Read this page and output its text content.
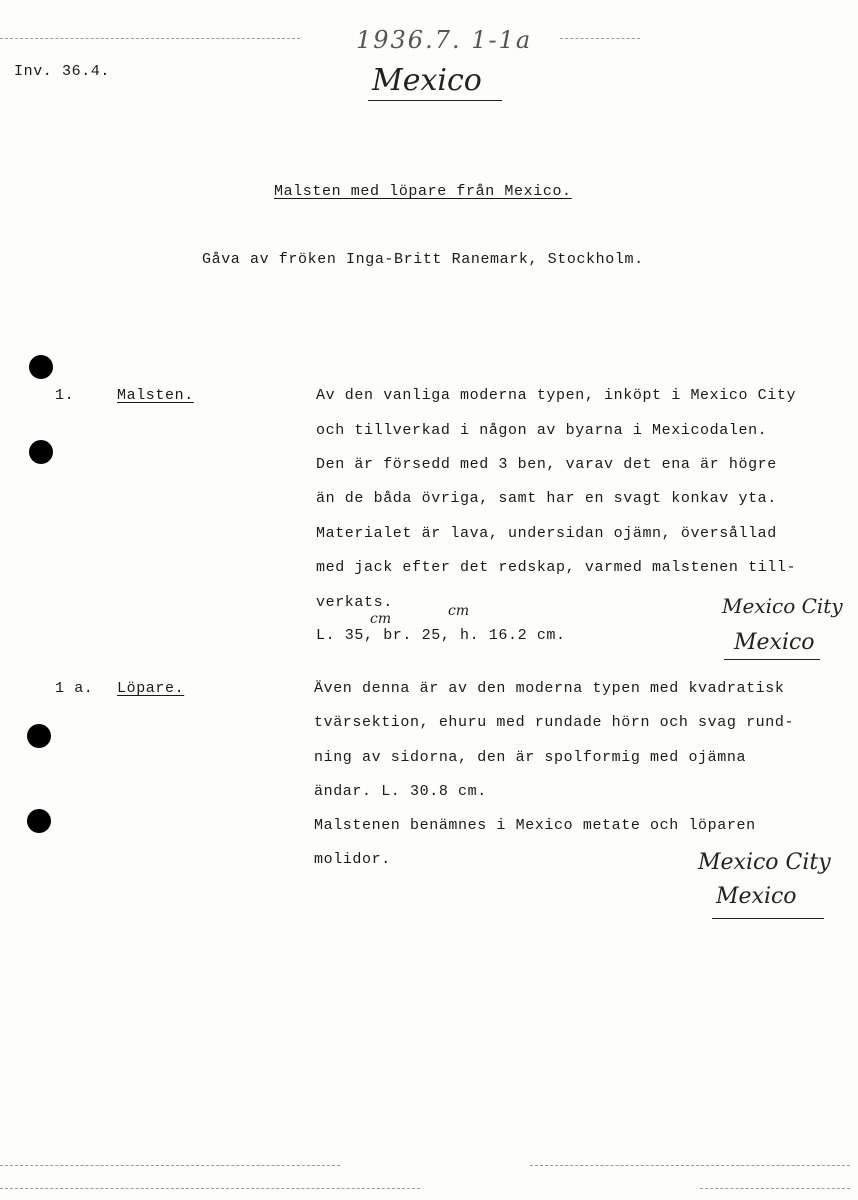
Inv. 36.4.
1936.7. 1-1a
Mexico
Malsten med löpare från Mexico.
Gåva av fröken Inga-Britt Ranemark, Stockholm.
1.	Malsten.	Av den vanliga moderna typen, inköpt i Mexico City
och tillverkad i någon av byarna i Mexicodalen.
Den är försedd med 3 ben, varav det ena är högre
än de båda övriga, samt har en svagt konkav yta.
Materialet är lava, undersidan ojämn, översållad
med jack efter det redskap, varmed malstenen till-
verkats.
L. 35, br. 25, h. 16.2 cm.
cm	cm	Mexico City
Mexico
1 a. Löpare.	Även denna är av den moderna typen med kvadratisk
tvärsektion, ehuru med rundade hörn och svag rund-
ning av sidorna, den är spolformig med ojämna
ändar. L. 30.8 cm.
Malstenen benämnes i Mexico metate och löparen
molidor.	Mexico City
Mexico
